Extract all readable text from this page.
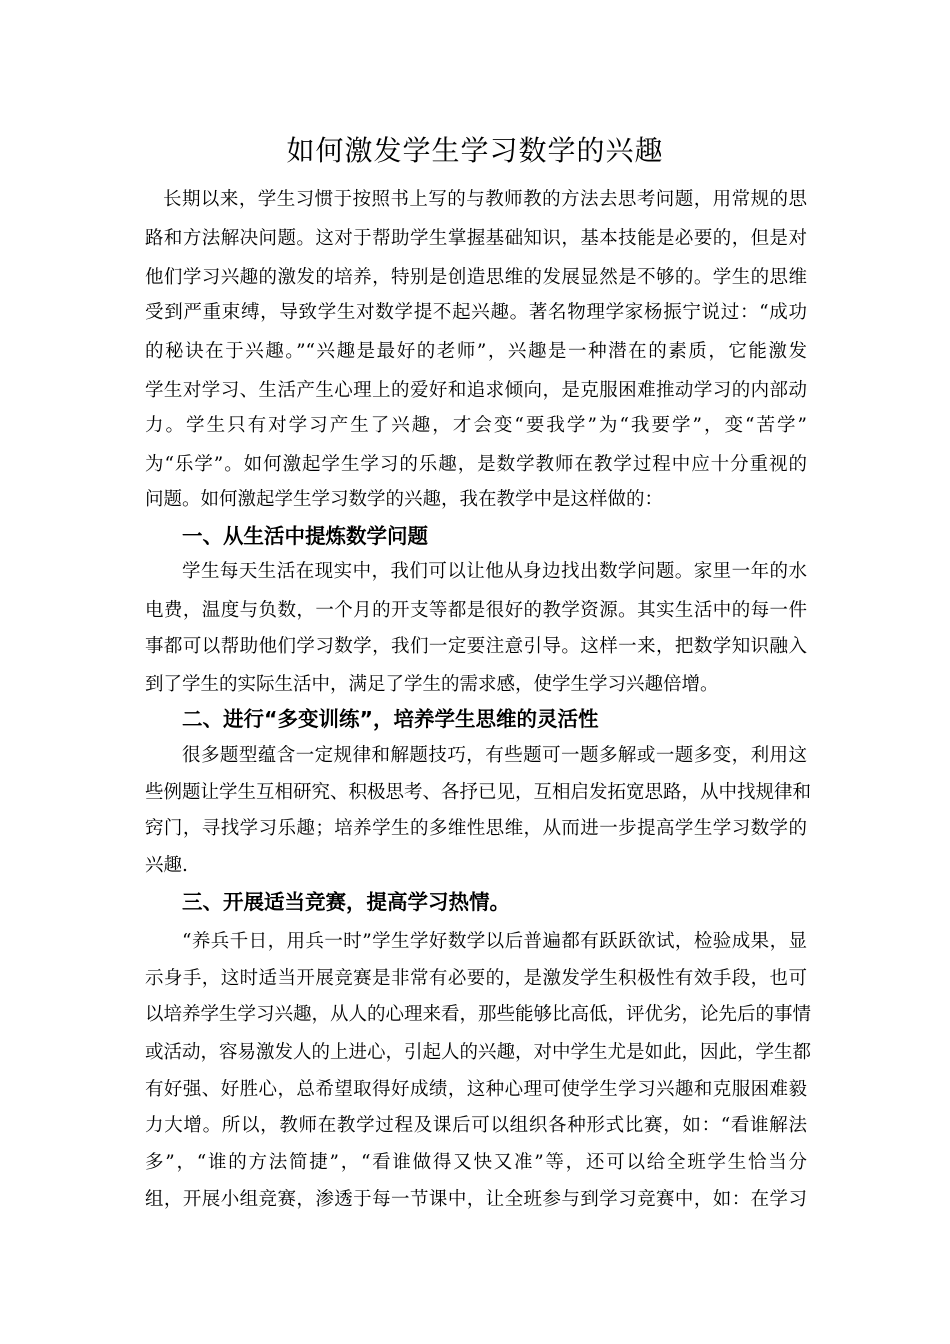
如何激发学生学习数学的兴趣

长期以来，学生习惯于按照书上写的与教师教的方法去思考问题，用常规的思

路和方法解决问题。这对于帮助学生掌握基础知识，基本技能是必要的，但是对

他们学习兴趣的激发的培养，特别是创造思维的发展显然是不够的。学生的思维

受到严重束缚，导致学生对数学提不起兴趣。著名物理学家杨振宁说过：“成功

的秘诀在于兴趣。”“兴趣是最好的老师”，兴趣是一种潜在的素质，它能激发

学生对学习、生活产生心理上的爱好和追求倾向，是克服困难推动学习的内部动

力。学生只有对学习产生了兴趣，才会变“要我学”为“我要学”，变“苦学”

为“乐学”。如何激起学生学习的乐趣，是数学教师在教学过程中应十分重视的

问题。如何激起学生学习数学的兴趣，我在教学中是这样做的：

一、从生活中提炼数学问题

学生每天生活在现实中，我们可以让他从身边找出数学问题。家里一年的水

电费，温度与负数，一个月的开支等都是很好的教学资源。其实生活中的每一件

事都可以帮助他们学习数学，我们一定要注意引导。这样一来，把数学知识融入

到了学生的实际生活中，满足了学生的需求感，使学生学习兴趣倍增。

二、进行“多变训练”，培养学生思维的灵活性

很多题型蕴含一定规律和解题技巧，有些题可一题多解或一题多变，利用这

些例题让学生互相研究、积极思考、各抒已见，互相启发拓宽思路，从中找规律和

窍门，寻找学习乐趣；培养学生的多维性思维，从而进一步提高学生学习数学的

兴趣.

三、开展适当竞赛，提高学习热情。

“养兵千日，用兵一时”学生学好数学以后普遍都有跃跃欲试，检验成果，显

示身手，这时适当开展竞赛是非常有必要的，是激发学生积极性有效手段，也可

以培养学生学习兴趣，从人的心理来看，那些能够比高低，评优劣，论先后的事情

或活动，容易激发人的上进心，引起人的兴趣，对中学生尤是如此，因此，学生都

有好强、好胜心，总希望取得好成绩，这种心理可使学生学习兴趣和克服困难毅

力大增。所以，教师在教学过程及课后可以组织各种形式比赛，如：“看谁解法

多”，“谁的方法简捷”，“看谁做得又快又准”等，还可以给全班学生恰当分

组，开展小组竞赛，渗透于每一节课中，让全班参与到学习竞赛中，如：在学习
